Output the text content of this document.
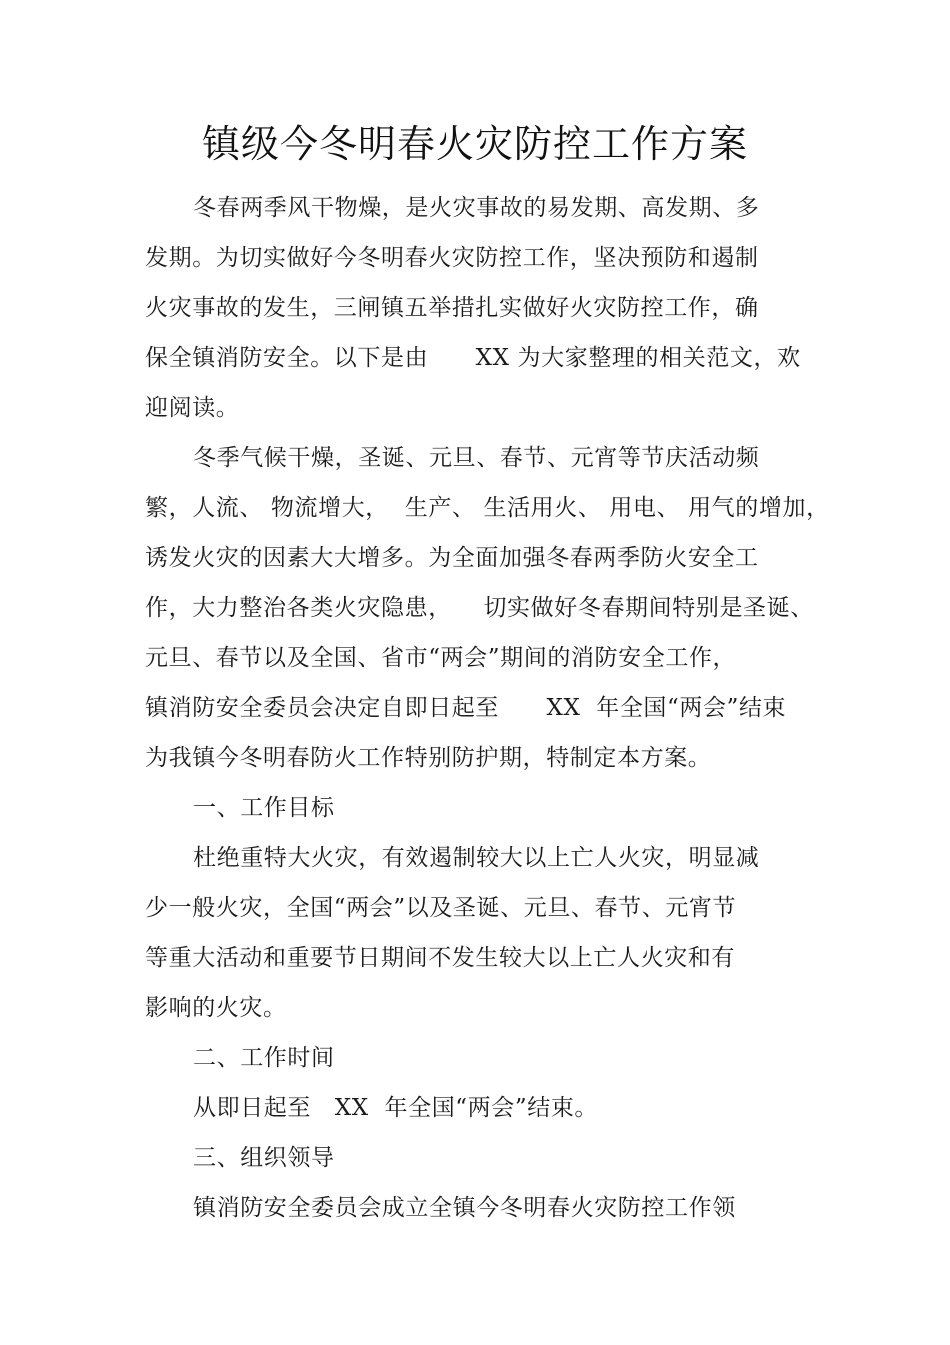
镇级今冬明春火灾防控工作方案
冬春两季风干物燥，是火灾事故的易发期、高发期、多
发期。为切实做好今冬明春火灾防控工作，坚决预防和遏制
火灾事故的发生，三闸镇五举措扎实做好火灾防控工作，确
保全镇消防安全。以下是由      XX 为大家整理的相关范文，欢
迎阅读。
冬季气候干燥，圣诞、元旦、春节、元宵等节庆活动频
繁，人流、 物流增大，  生产、 生活用火、 用电、 用气的增加，
诱发火灾的因素大大增多。为全面加强冬春两季防火安全工
作，大力整治各类火灾隐患，    切实做好冬春期间特别是圣诞、
元旦、春节以及全国、省市“两会”期间的消防安全工作，
镇消防安全委员会决定自即日起至      XX  年全国“两会”结束
为我镇今冬明春防火工作特别防护期，特制定本方案。
一、工作目标
杜绝重特大火灾，有效遏制较大以上亡人火灾，明显减
少一般火灾，全国“两会”以及圣诞、元旦、春节、元宵节
等重大活动和重要节日期间不发生较大以上亡人火灾和有
影响的火灾。
二、工作时间
从即日起至   XX  年全国“两会”结束。
三、组织领导
镇消防安全委员会成立全镇今冬明春火灾防控工作领
